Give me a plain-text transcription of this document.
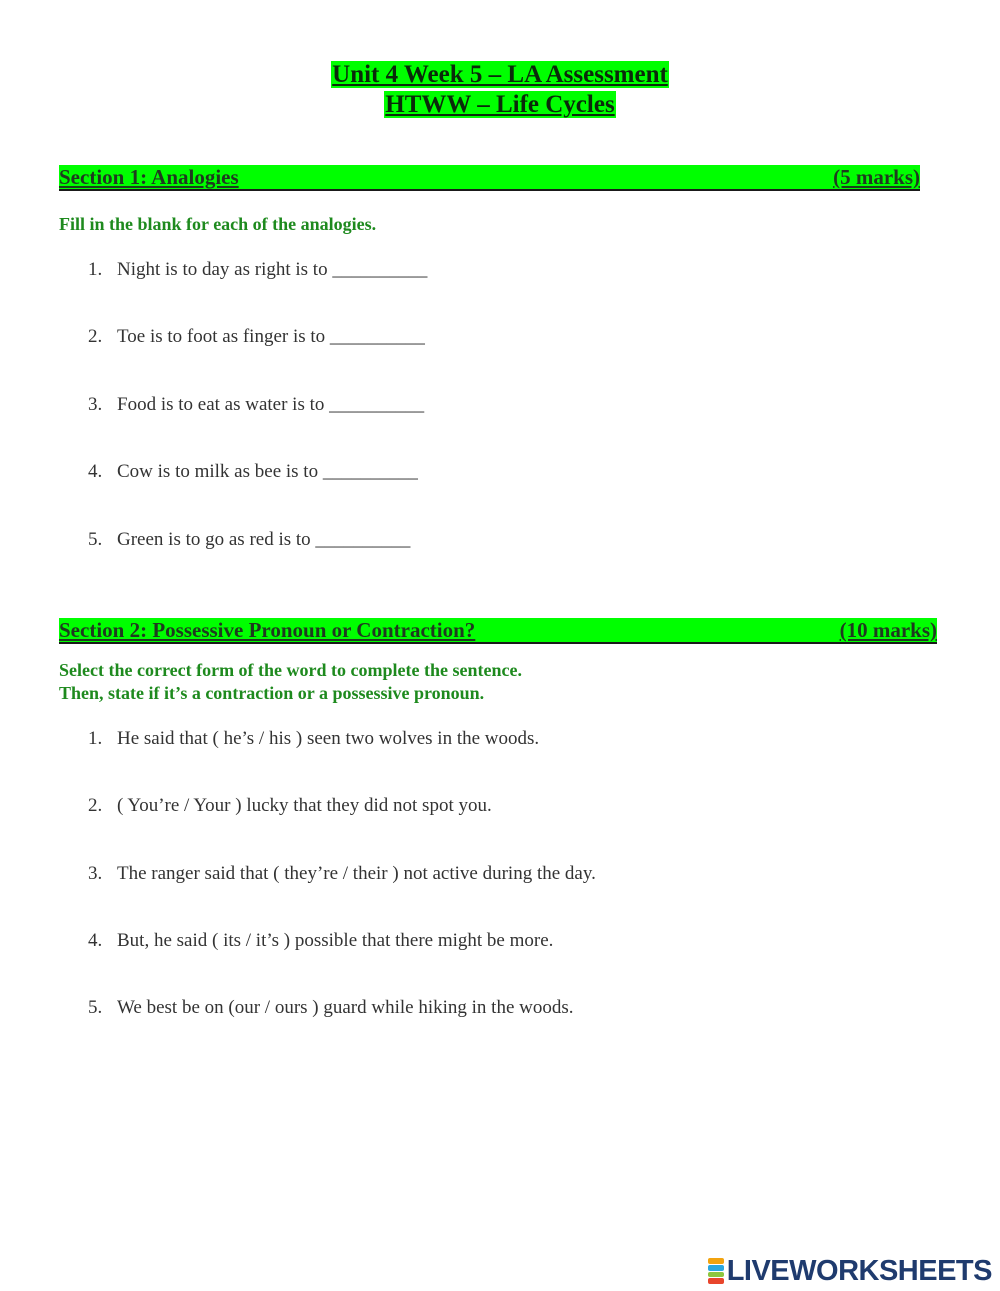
Unit 4 Week 5 – LA Assessment
HTWW – Life Cycles
Section 1: Analogies	(5 marks)
Fill in the blank for each of the analogies.
1. Night is to day as right is to __________
2. Toe is to foot as finger is to __________
3. Food is to eat as water is to __________
4. Cow is to milk as bee is to __________
5. Green is to go as red is to __________
Section 2: Possessive Pronoun or Contraction?	(10 marks)
Select the correct form of the word to complete the sentence.
Then, state if it’s a contraction or a possessive pronoun.
1. He said that ( he’s / his ) seen two wolves in the woods.
2. ( You’re / Your ) lucky that they did not spot you.
3. The ranger said that ( they’re / their ) not active during the day.
4. But, he said ( its / it’s ) possible that there might be more.
5. We best be on (our / ours ) guard while hiking in the woods.
LIVEWORKSHEETS
